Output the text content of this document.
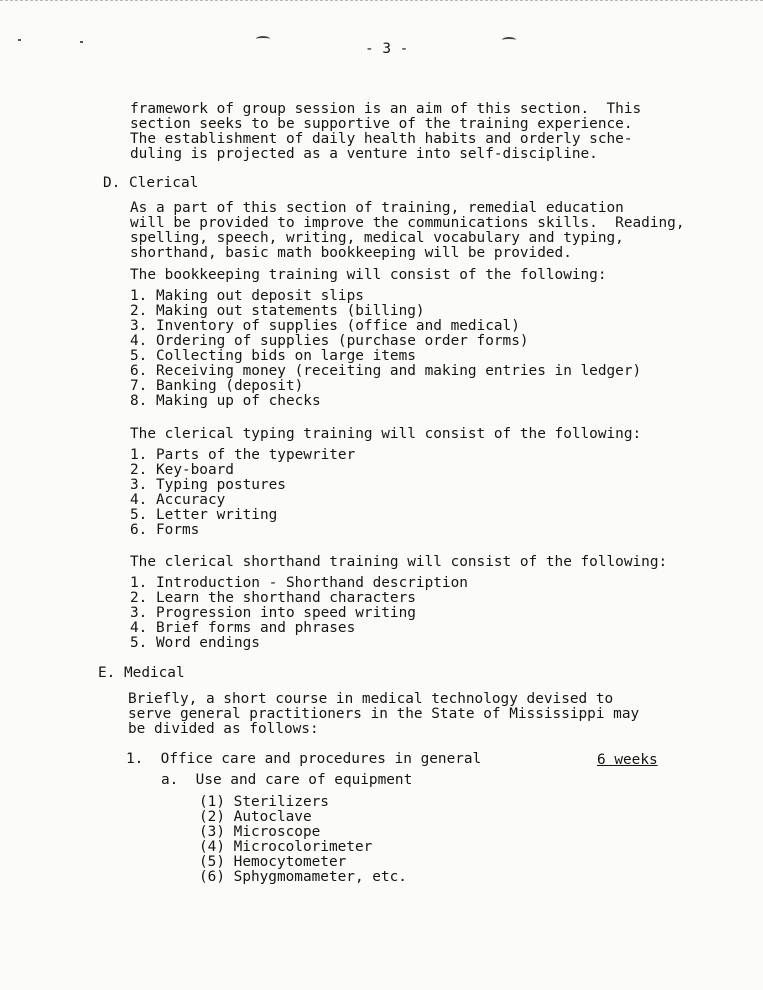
- 3 -
framework of group session is an aim of this section.  This
section seeks to be supportive of the training experience.
The establishment of daily health habits and orderly sche-
duling is projected as a venture into self-discipline.
D. Clerical
As a part of this section of training, remedial education
will be provided to improve the communications skills.  Reading,
spelling, speech, writing, medical vocabulary and typing,
shorthand, basic math bookkeeping will be provided.
The bookkeeping training will consist of the following:
1. Making out deposit slips
2. Making out statements (billing)
3. Inventory of supplies (office and medical)
4. Ordering of supplies (purchase order forms)
5. Collecting bids on large items
6. Receiving money (receiting and making entries in ledger)
7. Banking (deposit)
8. Making up of checks
The clerical typing training will consist of the following:
1. Parts of the typewriter
2. Key-board
3. Typing postures
4. Accuracy
5. Letter writing
6. Forms
The clerical shorthand training will consist of the following:
1. Introduction - Shorthand description
2. Learn the shorthand characters
3. Progression into speed writing
4. Brief forms and phrases
5. Word endings
E. Medical
Briefly, a short course in medical technology devised to
serve general practitioners in the State of Mississippi may
be divided as follows:
1.  Office care and procedures in general	6 weeks
a.  Use and care of equipment
(1) Sterilizers
(2) Autoclave
(3) Microscope
(4) Microcolorimeter
(5) Hemocytometer
(6) Sphygmomameter, etc.
